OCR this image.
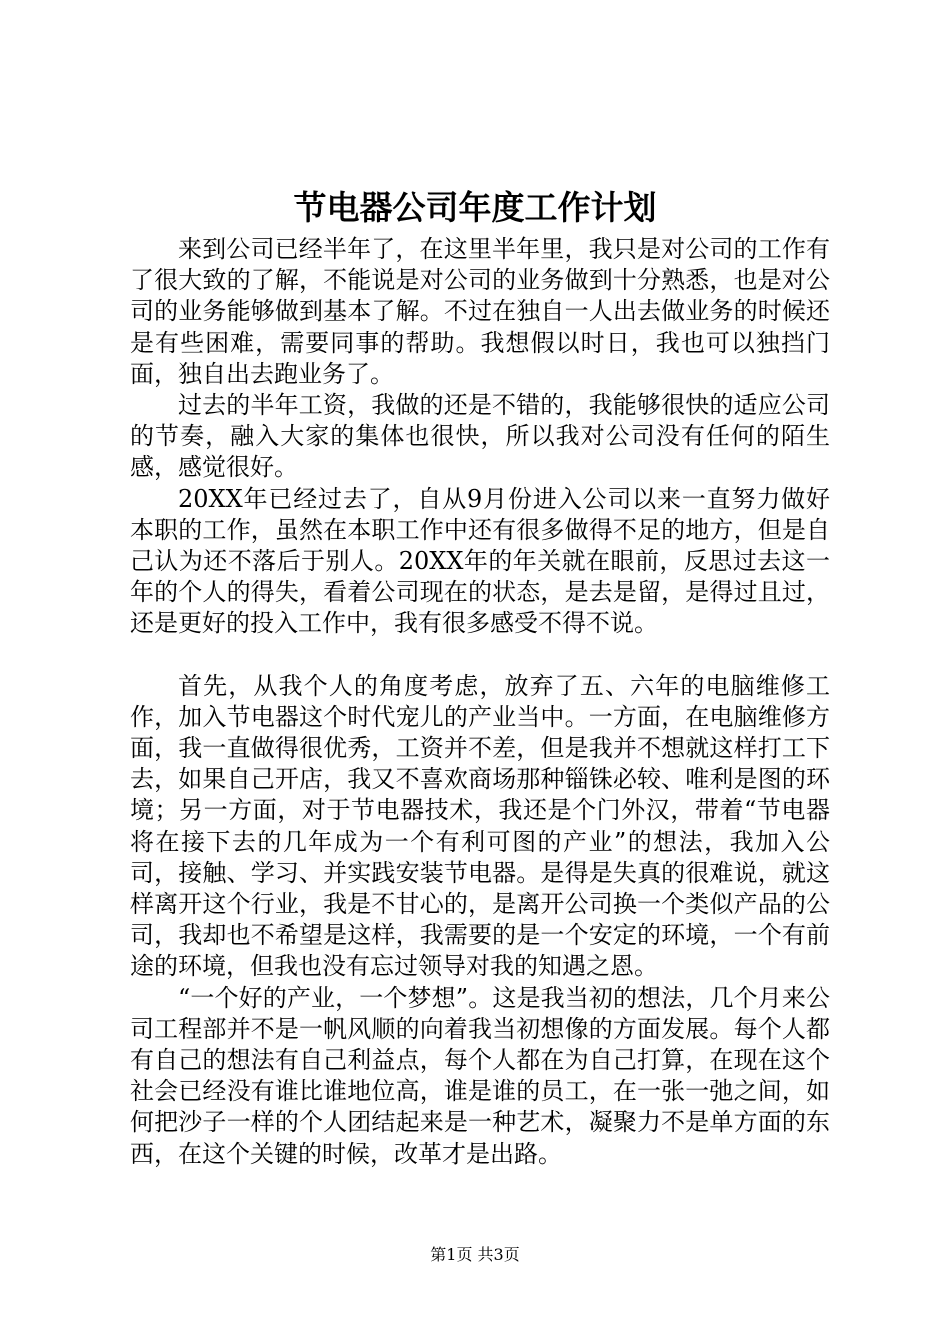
节电器公司年度工作计划

来到公司已经半年了，在这里半年里，我只是对公司的工作有了很大致的了解，不能说是对公司的业务做到十分熟悉，也是对公司的业务能够做到基本了解。不过在独自一人出去做业务的时候还是有些困难，需要同事的帮助。我想假以时日，我也可以独挡门面，独自出去跑业务了。

过去的半年工资，我做的还是不错的，我能够很快的适应公司的节奏，融入大家的集体也很快，所以我对公司没有任何的陌生感，感觉很好。

20XX年已经过去了，自从9月份进入公司以来一直努力做好本职的工作，虽然在本职工作中还有很多做得不足的地方，但是自己认为还不落后于别人。20XX年的年关就在眼前，反思过去这一年的个人的得失，看着公司现在的状态，是去是留，是得过且过，还是更好的投入工作中，我有很多感受不得不说。

首先，从我个人的角度考虑，放弃了五、六年的电脑维修工作，加入节电器这个时代宠儿的产业当中。一方面，在电脑维修方面，我一直做得很优秀，工资并不差，但是我并不想就这样打工下去，如果自己开店，我又不喜欢商场那种锱铢必较、唯利是图的环境；另一方面，对于节电器技术，我还是个门外汉，带着“节电器将在接下去的几年成为一个有利可图的产业”的想法，我加入公司，接触、学习、并实践安装节电器。是得是失真的很难说，就这样离开这个行业，我是不甘心的，是离开公司换一个类似产品的公司，我却也不希望是这样，我需要的是一个安定的环境，一个有前途的环境，但我也没有忘过领导对我的知遇之恩。

“一个好的产业，一个梦想”。这是我当初的想法，几个月来公司工程部并不是一帆风顺的向着我当初想像的方面发展。每个人都有自己的想法有自己利益点，每个人都在为自己打算，在现在这个社会已经没有谁比谁地位高，谁是谁的员工，在一张一弛之间，如何把沙子一样的个人团结起来是一种艺术，凝聚力不是单方面的东西，在这个关键的时候，改革才是出路。

第1页 共3页
